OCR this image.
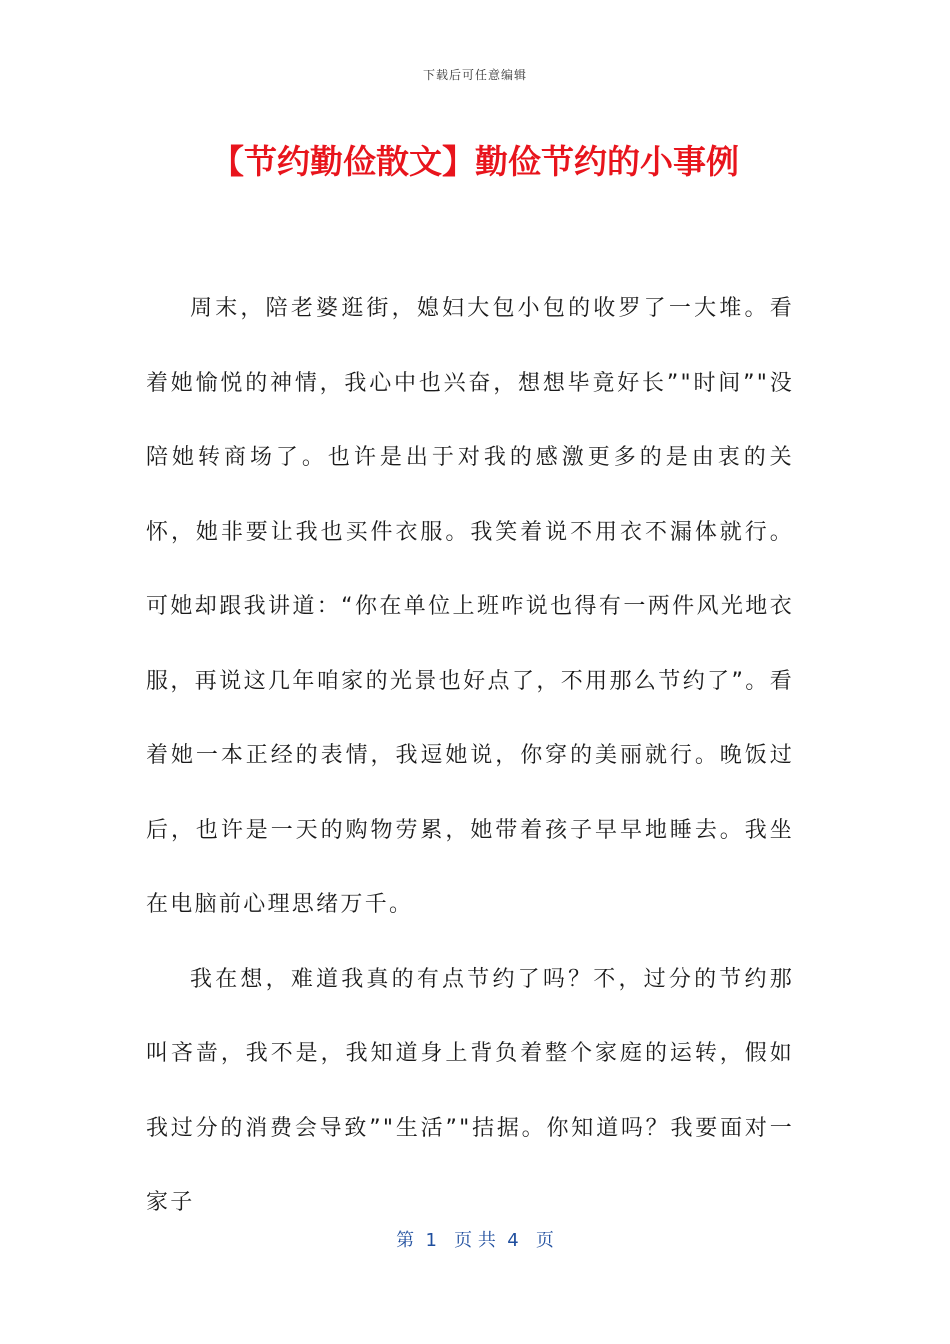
下载后可任意编辑
【节约勤俭散文】勤俭节约的小事例

周末，陪老婆逛街，媳妇大包小包的收罗了一大堆。看着她愉悦的神情，我心中也兴奋，想想毕竟好长”"时间”"没陪她转商场了。也许是出于对我的感激更多的是由衷的关怀，她非要让我也买件衣服。我笑着说不用衣不漏体就行。可她却跟我讲道：“你在单位上班咋说也得有一两件风光地衣服，再说这几年咱家的光景也好点了，不用那么节约了”。看着她一本正经的表情，我逗她说，你穿的美丽就行。晚饭过后，也许是一天的购物劳累，她带着孩子早早地睡去。我坐在电脑前心理思绪万千。

我在想，难道我真的有点节约了吗？不，过分的节约那叫吝啬，我不是，我知道身上背负着整个家庭的运转，假如我过分的消费会导致”"生活”"拮据。你知道吗？我要面对一家子

第  1   页 共  4   页
